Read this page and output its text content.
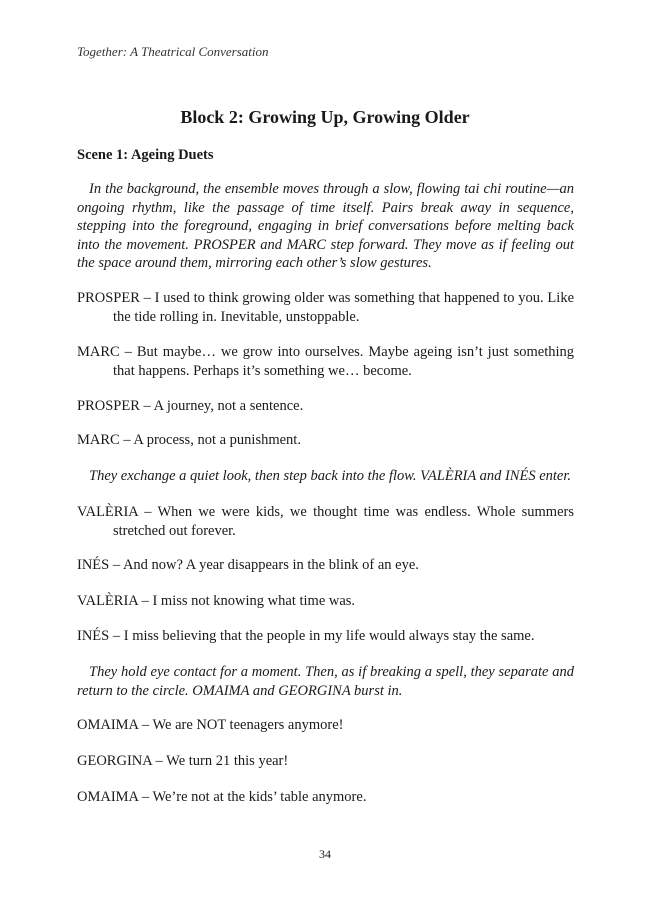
Together: A Theatrical Conversation
Block 2: Growing Up, Growing Older
Scene 1: Ageing Duets
In the background, the ensemble moves through a slow, flowing tai chi routine—an ongoing rhythm, like the passage of time itself. Pairs break away in sequence, stepping into the foreground, engaging in brief conversations before melting back into the movement. PROSPER and MARC step forward. They move as if feeling out the space around them, mirroring each other’s slow gestures.
PROSPER – I used to think growing older was something that happened to you. Like the tide rolling in. Inevitable, unstoppable.
MARC – But maybe… we grow into ourselves. Maybe ageing isn’t just something that happens. Perhaps it’s something we… become.
PROSPER – A journey, not a sentence.
MARC – A process, not a punishment.
They exchange a quiet look, then step back into the flow. VALÈRIA and INÉS enter.
VALÈRIA – When we were kids, we thought time was endless. Whole summers stretched out forever.
INÉS – And now? A year disappears in the blink of an eye.
VALÈRIA – I miss not knowing what time was.
INÉS – I miss believing that the people in my life would always stay the same.
They hold eye contact for a moment. Then, as if breaking a spell, they separate and return to the circle. OMAIMA and GEORGINA burst in.
OMAIMA – We are NOT teenagers anymore!
GEORGINA – We turn 21 this year!
OMAIMA – We’re not at the kids’ table anymore.
34
